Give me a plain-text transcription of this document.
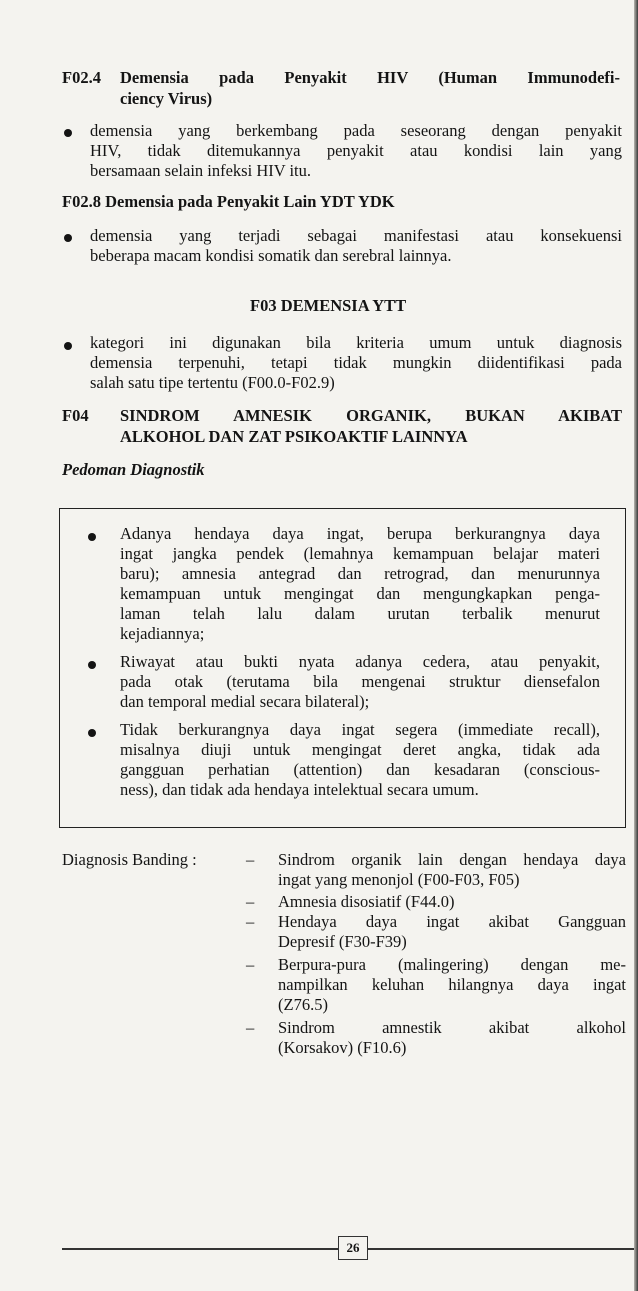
F02.4 Demensia pada Penyakit HIV (Human Immunodefi-
ciency Virus)
demensia yang berkembang pada seseorang dengan penyakit
HIV, tidak ditemukannya penyakit atau kondisi lain yang
bersamaan selain infeksi HIV itu.
F02.8 Demensia pada Penyakit Lain YDT YDK
demensia yang terjadi sebagai manifestasi atau konsekuensi
beberapa macam kondisi somatik dan serebral lainnya.
F03 DEMENSIA YTT
kategori ini digunakan bila kriteria umum untuk diagnosis
demensia terpenuhi, tetapi tidak mungkin diidentifikasi pada
salah satu tipe tertentu (F00.0-F02.9)
F04 SINDROM AMNESIK ORGANIK, BUKAN AKIBAT
ALKOHOL DAN ZAT PSIKOAKTIF LAINNYA
Pedoman Diagnostik
Adanya hendaya daya ingat, berupa berkurangnya daya
ingat jangka pendek (lemahnya kemampuan belajar materi
baru); amnesia antegrad dan retrograd, dan menurunnya
kemampuan untuk mengingat dan mengungkapkan penga-
laman telah lalu dalam urutan terbalik menurut
kejadiannya;
Riwayat atau bukti nyata adanya cedera, atau penyakit,
pada otak (terutama bila mengenai struktur diensefalon
dan temporal medial secara bilateral);
Tidak berkurangnya daya ingat segera (immediate recall),
misalnya diuji untuk mengingat deret angka, tidak ada
gangguan perhatian (attention) dan kesadaran (conscious-
ness), dan tidak ada hendaya intelektual secara umum.
Diagnosis Banding :	– Sindrom organik lain dengan hendaya daya
ingat yang menonjol (F00-F03, F05)
– Amnesia disosiatif (F44.0)
– Hendaya daya ingat akibat Gangguan
Depresif (F30-F39)
– Berpura-pura (malingering) dengan me-
nampilkan keluhan hilangnya daya ingat
(Z76.5)
– Sindrom amnestik akibat alkohol
(Korsakov) (F10.6)
26
